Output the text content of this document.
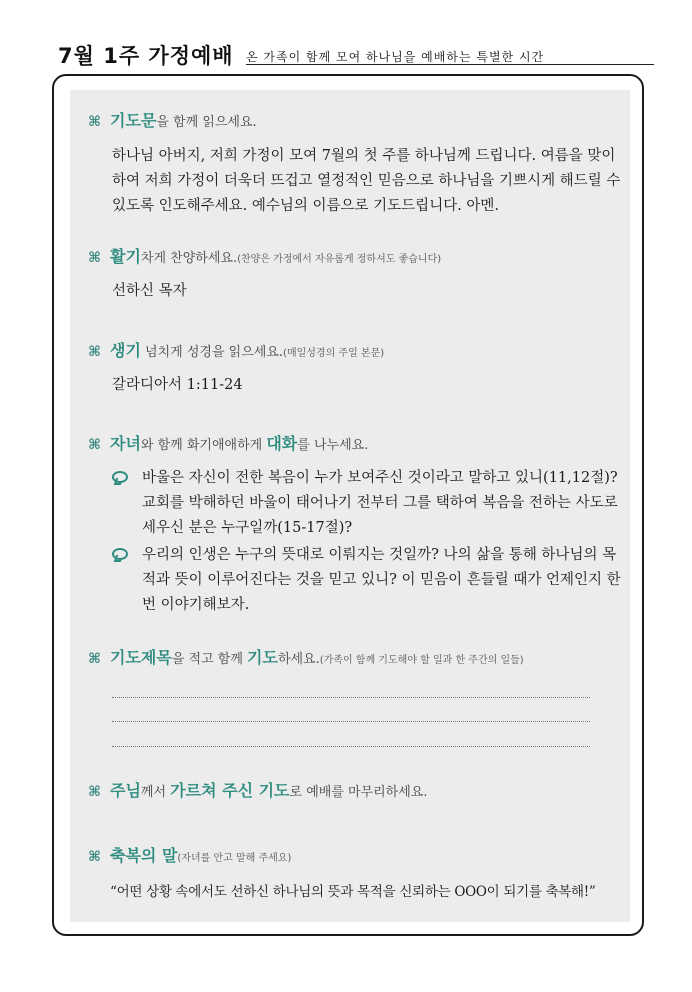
7월 1주 가정예배 온 가족이 함께 모여 하나님을 예배하는 특별한 시간
⌘ 기도문을 함께 읽으세요.
하나님 아버지, 저희 가정이 모여 7월의 첫 주를 하나님께 드립니다. 여름을 맞이
하여 저희 가정이 더욱더 뜨겁고 열정적인 믿음으로 하나님을 기쁘시게 해드릴 수
있도록 인도해주세요. 예수님의 이름으로 기도드립니다. 아멘.
⌘ 활기차게 찬양하세요.(찬양은 가정에서 자유롭게 정하셔도 좋습니다)
선하신 목자
⌘ 생기 넘치게 성경을 읽으세요.(매일성경의 주일 본문)
갈라디아서 1:11-24
⌘ 자녀와 함께 화기애애하게 대화를 나누세요.
바울은 자신이 전한 복음이 누가 보여주신 것이라고 말하고 있니(11,12절)?
교회를 박해하던 바울이 태어나기 전부터 그를 택하여 복음을 전하는 사도로
세우신 분은 누구일까(15-17절)?
우리의 인생은 누구의 뜻대로 이뤄지는 것일까? 나의 삶을 통해 하나님의 목
적과 뜻이 이루어진다는 것을 믿고 있니? 이 믿음이 흔들릴 때가 언제인지 한
번 이야기해보자.
⌘ 기도제목을 적고 함께 기도하세요.(가족이 함께 기도해야 할 일과 한 주간의 일들)
⌘ 주님께서 가르쳐 주신 기도로 예배를 마무리하세요.
⌘ 축복의 말(자녀를 안고 말해 주세요)
“어떤 상황 속에서도 선하신 하나님의 뜻과 목적을 신뢰하는 OOO이 되기를 축복해!”
